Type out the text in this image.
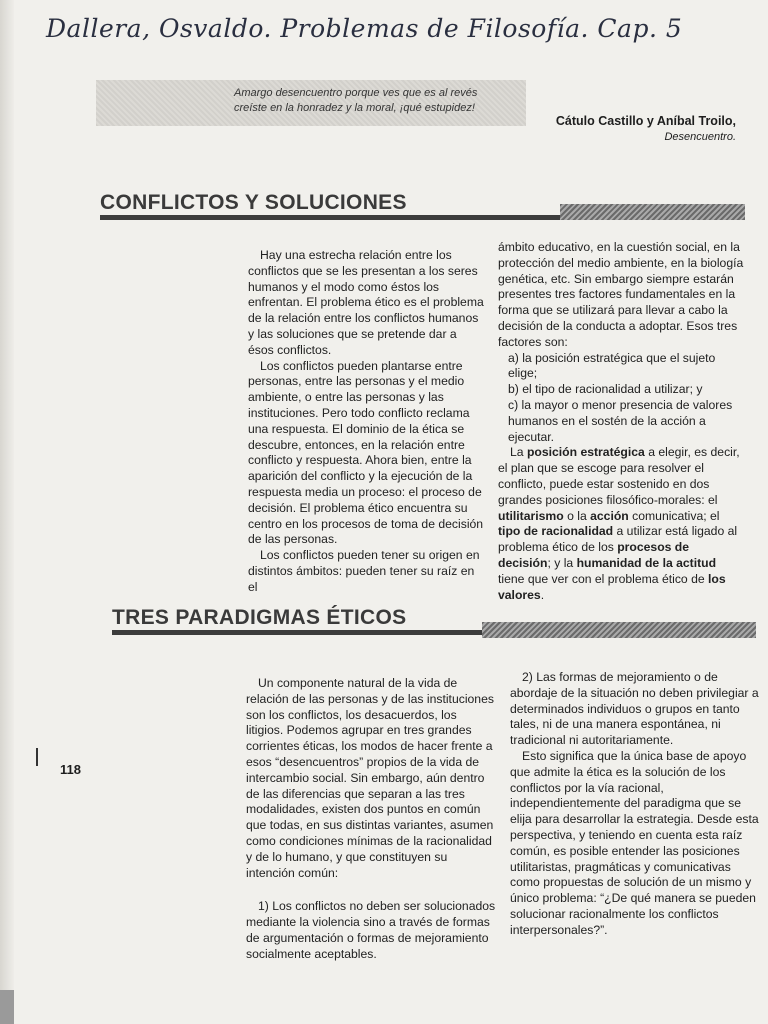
Dallera, Osvaldo. Problemas de Filosofía. Cap. 5
Amargo desencuentro porque ves que es al revés
creíste en la honradez y la moral, ¡qué estupidez!
Cátulo Castillo y Aníbal Troilo,
Desencuentro.
CONFLICTOS Y SOLUCIONES

Hay una estrecha relación entre los conflictos que se les presentan a los seres humanos y el modo como éstos los enfrentan. El problema ético es el problema de la relación entre los conflictos humanos y las soluciones que se pretende dar a ésos conflictos.

Los conflictos pueden plantarse entre personas, entre las personas y el medio ambiente, o entre las personas y las instituciones. Pero todo conflicto reclama una respuesta. El dominio de la ética se descubre, entonces, en la relación entre conflicto y respuesta. Ahora bien, entre la aparición del conflicto y la ejecución de la respuesta media un proceso: el proceso de decisión. El problema ético encuentra su centro en los procesos de toma de decisión de las personas.

Los conflictos pueden tener su origen en distintos ámbitos: pueden tener su raíz en el

ámbito educativo, en la cuestión social, en la protección del medio ambiente, en la biología genética, etc. Sin embargo siempre estarán presentes tres factores fundamentales en la forma que se utilizará para llevar a cabo la decisión de la conducta a adoptar. Esos tres factores son:

a) la posición estratégica que el sujeto elige;

b) el tipo de racionalidad a utilizar; y

c) la mayor o menor presencia de valores humanos en el sostén de la acción a ejecutar.

La posición estratégica a elegir, es decir, el plan que se escoge para resolver el conflicto, puede estar sostenido en dos grandes posiciones filosófico-morales: el utilitarismo o la acción comunicativa; el tipo de racionalidad a utilizar está ligado al problema ético de los procesos de decisión; y la humanidad de la actitud tiene que ver con el problema ético de los valores.

TRES PARADIGMAS ÉTICOS

Un componente natural de la vida de relación de las personas y de las instituciones son los conflictos, los desacuerdos, los litigios. Podemos agrupar en tres grandes corrientes éticas, los modos de hacer frente a esos “desencuentros” propios de la vida de intercambio social. Sin embargo, aún dentro de las diferencias que separan a las tres modalidades, existen dos puntos en común que todas, en sus distintas variantes, asumen como condiciones mínimas de la racionalidad y de lo humano, y que constituyen su intención común:

1) Los conflictos no deben ser solucionados mediante la violencia sino a través de formas de argumentación o formas de mejoramiento socialmente aceptables.

2) Las formas de mejoramiento o de abordaje de la situación no deben privilegiar a determinados individuos o grupos en tanto tales, ni de una manera espontánea, ni tradicional ni autoritariamente.

Esto significa que la única base de apoyo que admite la ética es la solución de los conflictos por la vía racional, independientemente del paradigma que se elija para desarrollar la estrategia. Desde esta perspectiva, y teniendo en cuenta esta raíz común, es posible entender las posiciones utilitaristas, pragmáticas y comunicativas como propuestas de solución de un mismo y único problema: “¿De qué manera se pueden solucionar racionalmente los conflictos interpersonales?”.

118
